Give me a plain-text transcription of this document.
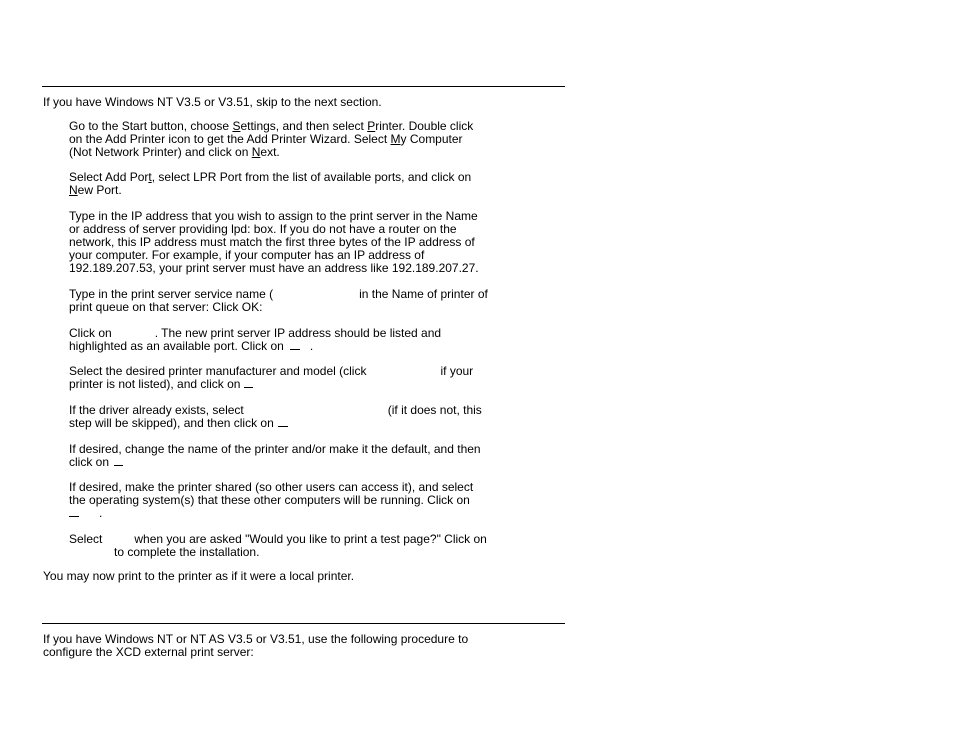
If you have Windows NT V3.5 or V3.51, skip to the next section.

Go to the Start button, choose Settings, and then select Printer. Double click
on the Add Printer icon to get the Add Printer Wizard. Select My Computer
(Not Network Printer) and click on Next.

Select Add Port, select LPR Port from the list of available ports, and click on
New Port.

Type in the IP address that you wish to assign to the print server in the Name
or address of server providing lpd: box. If you do not have a router on the
network, this IP address must match the first three bytes of the IP address of
your computer. For example, if your computer has an IP address of
192.189.207.53, your print server must have an address like 192.189.207.27.

Type in the print server service name (	in the Name of printer of
print queue on that server: Click OK:

Click on	. The new print server IP address should be listed and
highlighted as an available port. Click on .

Select the desired printer manufacturer and model (click	if your
printer is not listed), and click on

If the driver already exists, select	(if it does not, this
step will be skipped), and then click on

If desired, change the name of the printer and/or make it the default, and then
click on

If desired, make the printer shared (so other users can access it), and select
the operating system(s) that these other computers will be running. Click on

.

Select	when you are asked "Would you like to print a test page?" Click on
to complete the installation.

You may now print to the printer as if it were a local printer.

If you have Windows NT or NT AS V3.5 or V3.51, use the following procedure to
configure the XCD external print server:
